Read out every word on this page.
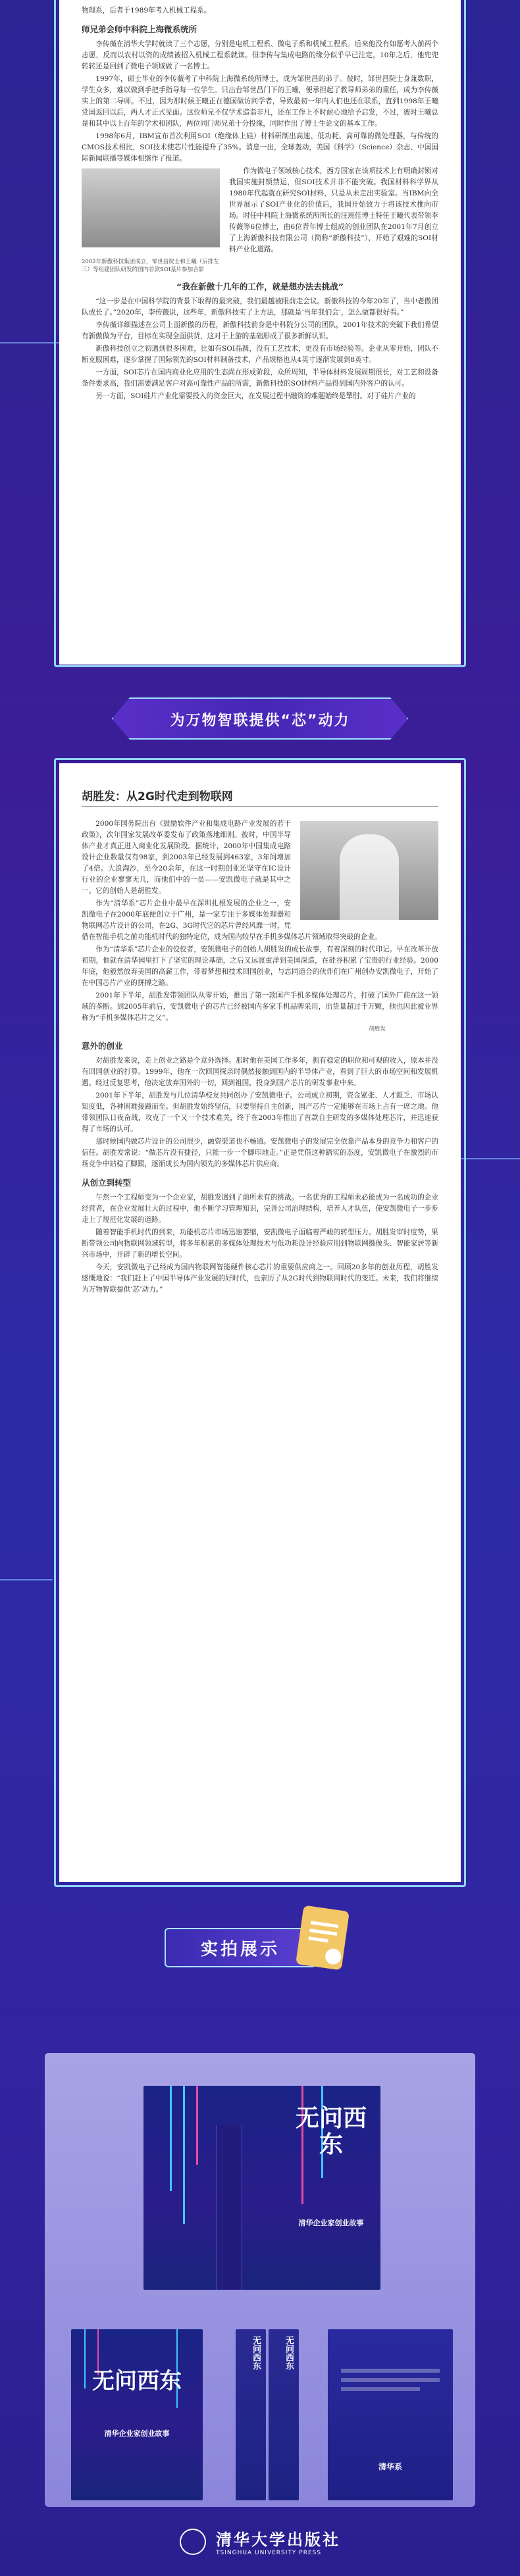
物理系，后者于1989年考入机械工程系。

师兄弟会师中科院上海微系统所

李传薇在清华大学时就读了三个志愿，分别是电机工程系、微电子系和机械工程系。后来他没有如愿考入前两个志愿，反而以农村以资的成绩被招入机械工程系就读。但李传与集成电路的缘分似乎早已注定，10年之后，他兜兜转转还是回到了微电子领域做了一名博士。

1997年，硕士毕业的李传薇考了中科院上海微系统所博士，成为邹世昌的弟子。彼时，邹世昌院士身兼数职，学生众多，难以做到手把手指导每一位学生。只出台邹世昌门下的王曦，便承担起了教导师弟弟的重任，成为李传薇实上的第二导师。不过，因为那时候王曦正在德国做访问学者，导致最初一年内人们也还在联系，直到1998年王曦党国返回以后，两人才正式见面。这位师兄不仅学术造诣非凡，还在工作上不时耐心地给予启发，不过，彼时王曦总是和其中以上百年的学术和团队，两位同门师兄弟十分投缘，同时作出了博士生论文的基本工作。

1998年6月，IBM宣布首次利用SOI（绝缘体上硅）材料研制出高速、低功耗、高可靠的微处理器，与传统的CMOS技术相比，SOI技术使芯片性能提升了35%。消息一出，全球轰动，美国《科学》（Science）杂志、中国国际新闻联播等媒体相继作了报道。

作为微电子领域核心技术，西方国家在该项技术上有明确封锁对我国实施封锁禁运，但SOI技术并非不能突破。我国材料科学界从1980年代起就在研究SOI材料，只是从未走出实验室。当IBM向全世界展示了SOI产业化的价值后，我国开始致力于将该技术推向市场。时任中科院上海微系统所所长的汪班佳博士特任王曦代表带领李传薇等6位博士，由6位青年博士组成的创业团队在2001年7月创立了上海新傲科技有限公司（简称“新傲科技”），开始了艰难的SOI材料产业化道路。

2002年新傲科技集团成立，邹世昌院士和王曦（后排左三）等组建团队研发的国内首款SOI基片参加合影

“我在新傲十几年的工作，就是想办法去挑战”

“这一步是在中国科学院的背景下取得的最突破，我们最越被眼前走会议。新傲科技的今年20年了，当中老傲团队成长了。”2020年，李传薇说，这些年，新傲科技实了上方法，那就是‘当年我们会’，怎么做都很好看。”

李传薇详细描述在公司上面新傲的历程，新傲科技前身是中科院分公司的团队，2001年技术的突破下我们希望有新傲做为平台，目标在实现全面供货，这对于上游的基础形成了很多新鲜认识。

新傲科技创立之初遇到很多困难，比如有SOI晶圆，没有工艺技术，更没有市场经验等。企业从零开始，团队不断克服困难，逐步掌握了国际领先的SOI材料制备技术，产品规格也从4英寸逐渐发展到8英寸。

一方面，SOI芯片在国内商业化应用的生态尚在形成阶段，众所周知，半导体材料发展周期很长，对工艺和设备条件要求高，我们需要满足客户对高可靠性产品的所需，新傲科技的SOI材料产品得到国内外客户的认可。

另一方面，SOI硅片产业化需要投入的资金巨大，在发展过程中融资的难题始终是掣肘。对于硅片产业的

为万物智联提供“芯”动力
胡胜发：从2G时代走到物联网

2000年国务院出台《鼓励软件产业和集成电路产业发展的若干政策》，次年国家发展改革委发布了政策落地细则。彼时，中国半导体产业才真正进入商业化发展阶段。据统计，2000年中国集成电路设计企业数量仅有98家，到2003年已经发展到463家，3年间增加了4倍。大浪淘沙，至今20余年，在这一时期创业还坚守在IC设计行业的企业寥寥无几，而他们中的一员——安凯微电子就是其中之一。它的创始人是胡胜发。

作为“清华系”芯片企业中最早在深圳扎根发展的企业之一，安凯微电子在2000年底便创立于广州，是一家专注于多媒体处理器和物联网芯片设计的公司，在2G、3G时代它的芯片曾经风靡一时，凭借在智能手机之前功能机时代的独特定位，成为国内较早在手机多媒体芯片领域取得突破的企业。

作为“清华系”芯片企业的佼佼者，安凯微电子的创始人胡胜发的成长故事，有着深刻的时代印记。早在改革开放初期，他就在清华园里打下了坚实的理论基础，之后又远渡重洋到美国深造，在硅谷积累了宝贵的行业经验。2000年底，他毅然放弃美国的高薪工作，带着梦想和技术回国创业，与志同道合的伙伴们在广州创办安凯微电子，开始了在中国芯片产业的拼搏之路。

2001年下半年，胡胜发带领团队从零开始，推出了第一款国产手机多媒体处理芯片，打破了国外厂商在这一领域的垄断。到2005年前后，安凯微电子的芯片已经被国内多家手机品牌采用，出货量超过千万颗，他也因此被业界称为“手机多媒体芯片之父”。

胡胜发

意外的创业

对胡胜发来说，走上创业之路是个意外选择。那时他在美国工作多年，拥有稳定的职位和可观的收入，原本并没有回国创业的打算。1999年，他在一次回国探亲时偶然接触到国内的半导体产业，看到了巨大的市场空间和发展机遇。经过反复思考，他决定放弃国外的一切，回到祖国，投身到国产芯片的研发事业中来。

2001年下半年，胡胜发与几位清华校友共同创办了安凯微电子。公司成立初期，资金紧张、人才匮乏、市场认知度低，各种困难接踵而至。但胡胜发始终坚信，只要坚持自主创新，国产芯片一定能够在市场上占有一席之地。他带领团队日夜奋战，攻克了一个又一个技术难关，终于在2003年推出了首款自主研发的多媒体处理芯片，并迅速获得了市场的认可。

那时候国内做芯片设计的公司很少，融资渠道也不畅通。安凯微电子的发展完全依靠产品本身的竞争力和客户的信任。胡胜发常说：“做芯片没有捷径，只能一步一个脚印地走。”正是凭借这种踏实的态度，安凯微电子在激烈的市场竞争中站稳了脚跟，逐渐成长为国内领先的多媒体芯片供应商。

从创立到转型

午然一个工程师变为一个企业家，胡胜发遇到了前所未有的挑战。一名优秀的工程师未必能成为一名成功的企业经营者，在企业发展壮大的过程中，他不断学习管理知识，完善公司治理结构，培养人才队伍，使安凯微电子一步步走上了规范化发展的道路。

随着智能手机时代的到来，功能机芯片市场迅速萎缩，安凯微电子面临着严峻的转型压力。胡胜发审时度势，果断带领公司向物联网领域转型，将多年积累的多媒体处理技术与低功耗设计经验应用到物联网摄像头、智能家居等新兴市场中，开辟了新的增长空间。

今天，安凯微电子已经成为国内物联网智能硬件核心芯片的重要供应商之一。回顾20多年的创业历程，胡胜发感慨地说：“我们赶上了中国半导体产业发展的好时代，也亲历了从2G时代到物联网时代的变迁。未来，我们将继续为万物智联提供‘芯’动力。”

实拍展示
无问西东
清华企业家创业故事
无问西东
清华企业家创业故事
无问西东	无问西东
清华系

清华大学出版社
TSINGHUA UNIVERSITY PRESS
